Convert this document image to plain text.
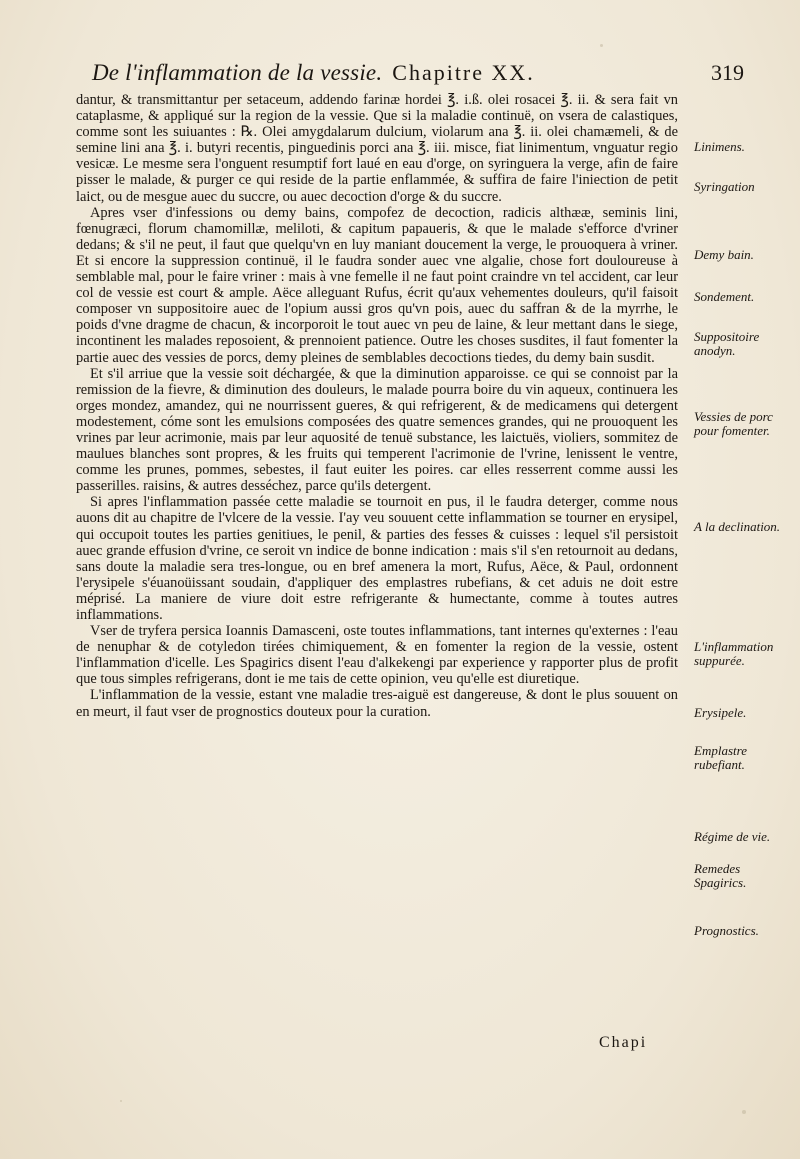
De l'inflammation de la vessie. Chapitre XX.	319

dantur, & transmittantur per setaceum, addendo farinæ hordei ℥. i.ß. olei rosacei ℥. ii. & sera fait vn cataplasme, & appliqué sur la region de la vessie. Que si la maladie continuë, on vsera de calastiques, comme sont les suiuantes : ℞. Olei amygdalarum dulcium, violarum ana ℥. ii. olei chamæmeli, & de semine lini ana ℥. i. butyri recentis, pinguedinis porci ana ℥. iii. misce, fiat linimentum, vnguatur regio vesicæ. Le mesme sera l'onguent resumptif fort laué en eau d'orge, on syringuera la verge, afin de faire pisser le malade, & purger ce qui reside de la partie enflammée, & suffira de faire l'iniection de petit laict, ou de mesgue auec du succre, ou auec decoction d'orge & du succre.

Apres vser d'infessions ou demy bains, compofez de decoction, radicis althææ, seminis lini, fœnugræci, florum chamomillæ, meliloti, & capitum papaueris, & que le malade s'efforce d'vriner dedans; & s'il ne peut, il faut que quelqu'vn en luy maniant doucement la verge, le prouoquera à vriner. Et si encore la suppression continuë, il le faudra sonder auec vne algalie, chose fort douloureuse à semblable mal, pour le faire vriner : mais à vne femelle il ne faut point craindre vn tel accident, car leur col de vessie est court & ample. Aëce alleguant Rufus, écrit qu'aux vehementes douleurs, qu'il faisoit composer vn suppositoire auec de l'opium aussi gros qu'vn pois, auec du saffran & de la myrrhe, le poids d'vne dragme de chacun, & incorporoit le tout auec vn peu de laine, & leur mettant dans le siege, incontinent les malades reposoient, & prennoient patience. Outre les choses susdites, il faut fomenter la partie auec des vessies de porcs, demy pleines de semblables decoctions tiedes, du demy bain susdit.

Et s'il arriue que la vessie soit déchargée, & que la diminution apparoisse. ce qui se connoist par la remission de la fievre, & diminution des douleurs, le malade pourra boire du vin aqueux, continuera les orges mondez, amandez, qui ne nourrissent gueres, & qui refrigerent, & de medicamens qui detergent modestement, cóme sont les emulsions composées des quatre semences grandes, qui ne prouoquent les vrines par leur acrimonie, mais par leur aquosité de tenuë substance, les laictuës, violiers, sommitez de maulues blanches sont propres, & les fruits qui temperent l'acrimonie de l'vrine, lenissent le ventre, comme les prunes, pommes, sebestes, il faut euiter les poires. car elles resserrent comme aussi les passerilles. raisins, & autres desséchez, parce qu'ils detergent.

Si apres l'inflammation passée cette maladie se tournoit en pus, il le faudra deterger, comme nous auons dit au chapitre de l'vlcere de la vessie. I'ay veu souuent cette inflammation se tourner en erysipel, qui occupoit toutes les parties genitiues, le penil, & parties des fesses & cuisses : lequel s'il persistoit auec grande effusion d'vrine, ce seroit vn indice de bonne indication : mais s'il s'en retournoit au dedans, sans doute la maladie sera tres-longue, ou en bref amenera la mort, Rufus, Aëce, & Paul, ordonnent l'erysipele s'éuanoüissant soudain, d'appliquer des emplastres rubefians, & cet aduis ne doit estre méprisé. La maniere de viure doit estre refrigerante & humectante, comme à toutes autres inflammations.

Vser de tryfera persica Ioannis Damasceni, oste toutes inflammations, tant internes qu'externes : l'eau de nenuphar & de cotyledon tirées chimiquement, & en fomenter la region de la vessie, ostent l'inflammation d'icelle. Les Spagirics disent l'eau d'alkekengi par experience y rapporter plus de profit que tous simples refrigerans, dont ie me tais de cette opinion, veu qu'elle est diuretique.

L'inflammation de la vessie, estant vne maladie tres-aiguë est dangereuse, & dont le plus souuent on en meurt, il faut vser de prognostics douteux pour la curation.

Linimens.
Syringation
Demy bain.
Sondement.
Suppositoire anodyn.
Vessies de porc pour fomenter.
A la declination.
L'inflammation suppurée.
Erysipele.
Emplastre rubefiant.
Régime de vie.
Remedes Spagirics.
Prognostics.
Chapi
